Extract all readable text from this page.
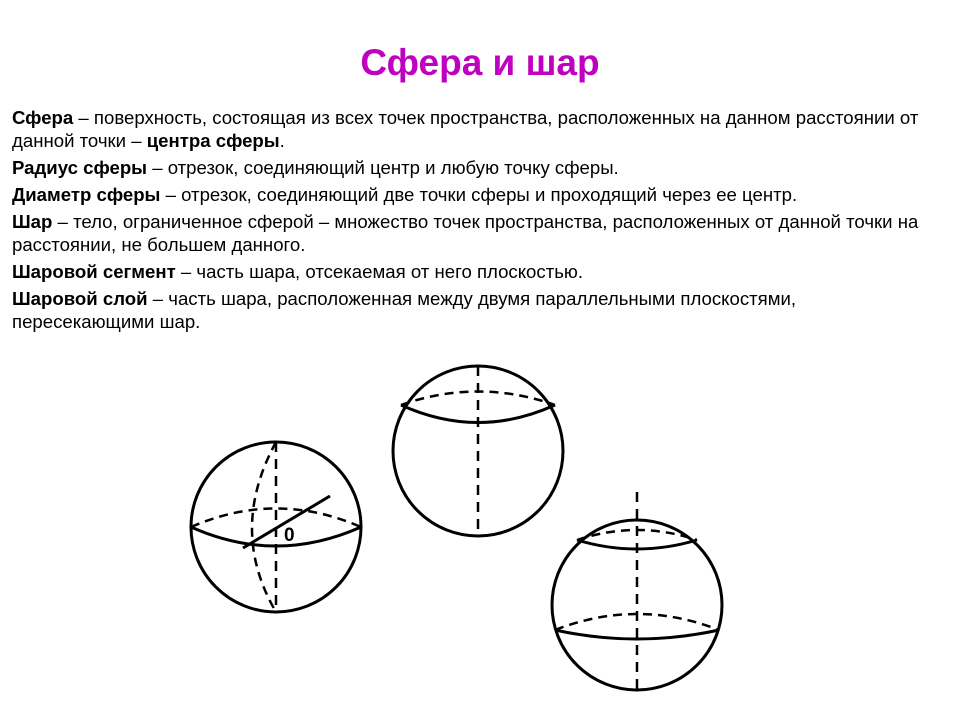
Сфера и шар

Сфера – поверхность, состоящая из всех точек пространства, расположенных на данном расстоянии от данной точки – центра сферы.

Радиус сферы – отрезок, соединяющий центр и любую точку сферы.

Диаметр сферы – отрезок, соединяющий две точки сферы и проходящий через ее центр.

Шар – тело, ограниченное сферой – множество точек пространства, расположенных от данной точки на расстоянии, не большем данного.

Шаровой сегмент – часть шара, отсекаемая от него плоскостью.

Шаровой слой – часть шара, расположенная между двумя параллельными плоскостями, пересекающими шар.

0
